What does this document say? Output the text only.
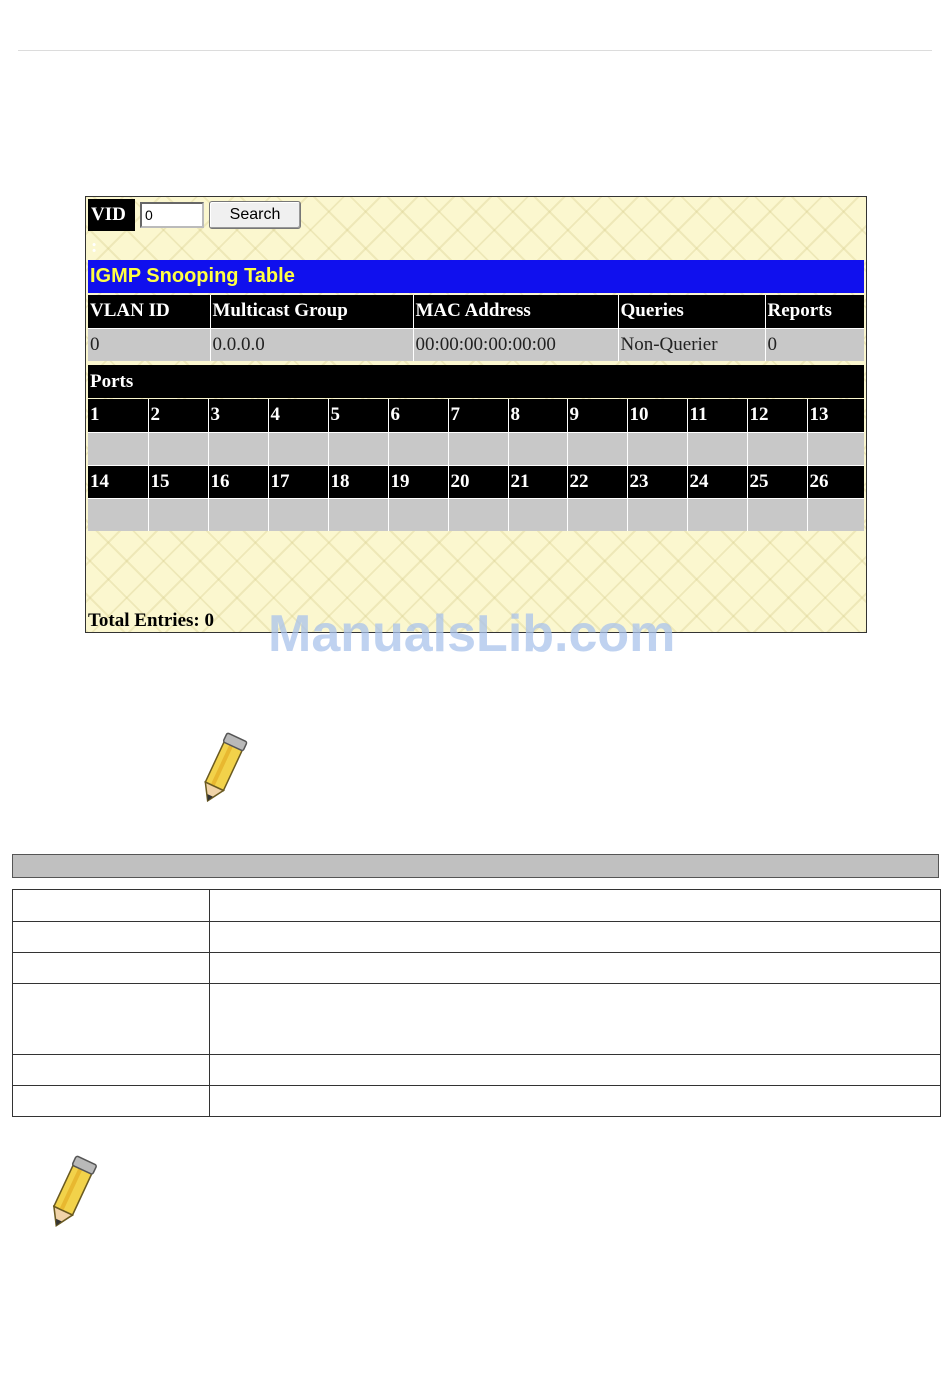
VID :
0
Search
IGMP Snooping Table
VLAN ID	Multicast Group	MAC Address	Queries	Reports
0	0.0.0.0	00:00:00:00:00:00	Non-Querier	0
Ports
1	2	3	4	5	6	7	8	9	10	11	12	13

14	15	16	17	18	19	20	21	22	23	24	25	26

Total Entries: 0 ManualsLib.com
